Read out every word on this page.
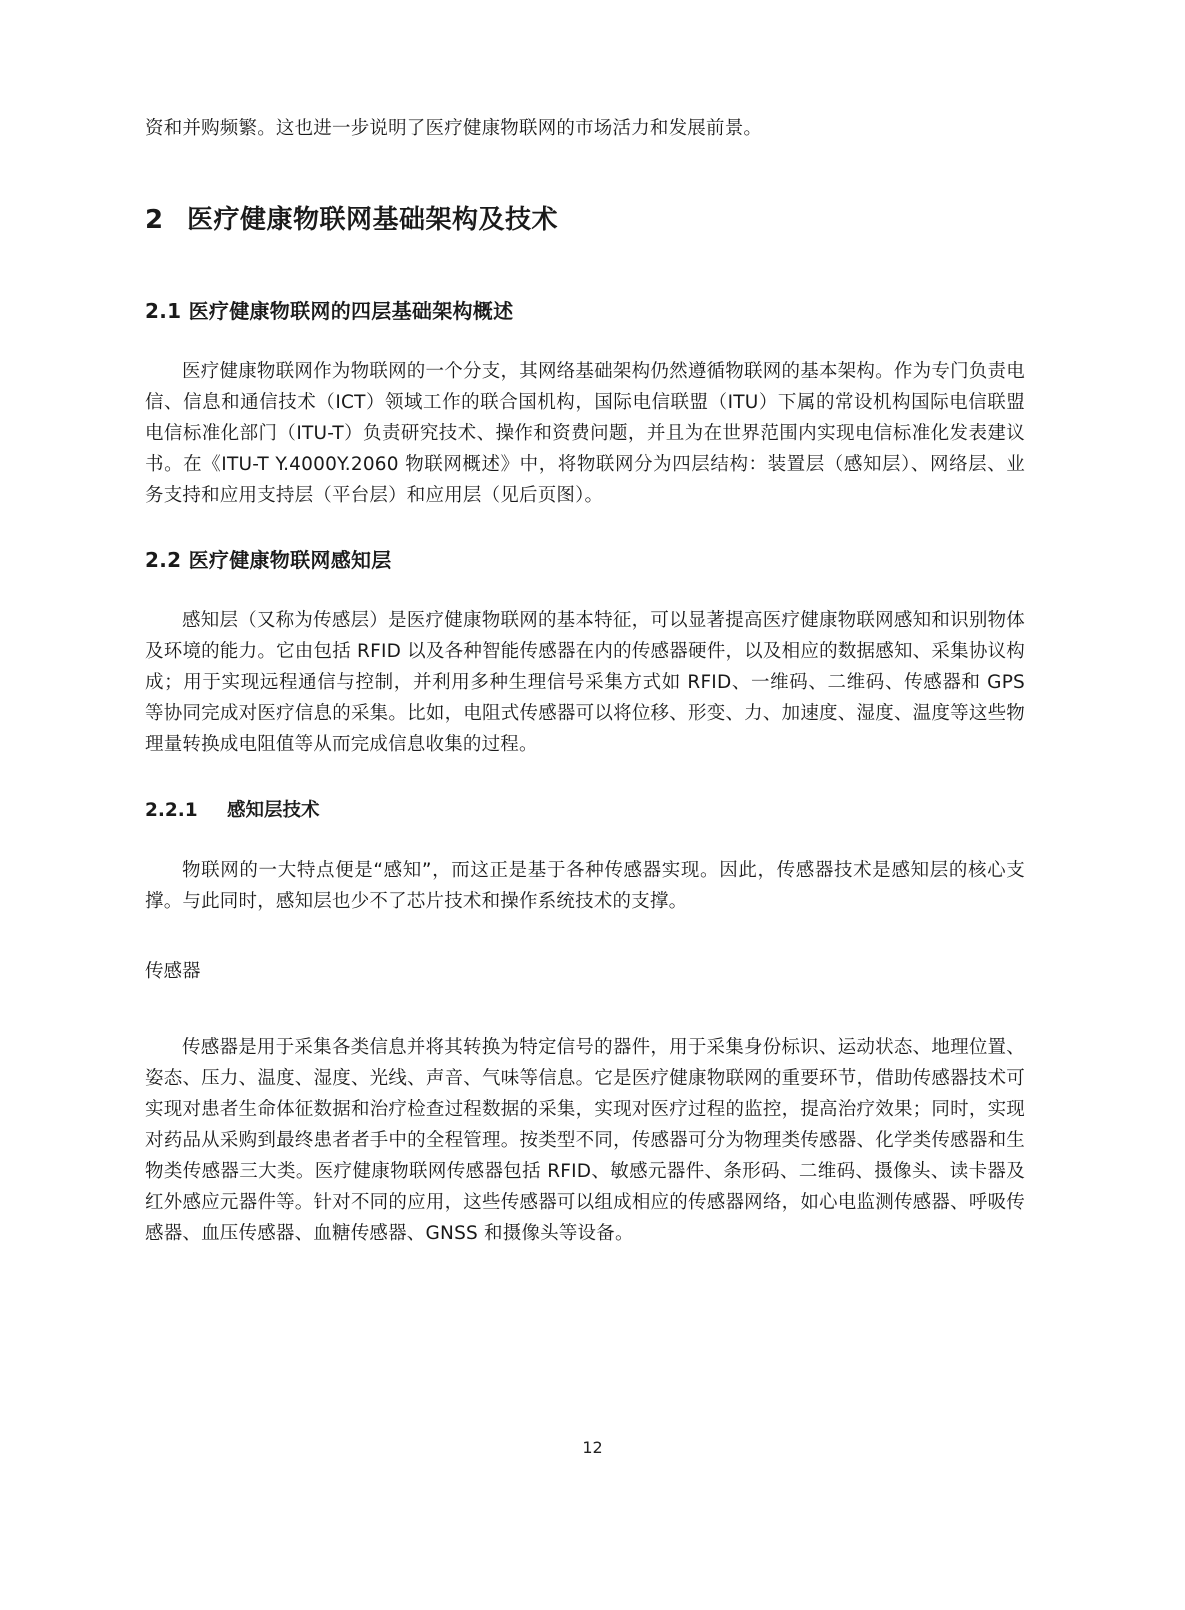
资和并购频繁。这也进一步说明了医疗健康物联网的市场活力和发展前景。
2 医疗健康物联网基础架构及技术
2.1 医疗健康物联网的四层基础架构概述
医疗健康物联网作为物联网的一个分支，其网络基础架构仍然遵循物联网的基本架构。作为专门负责电信、信息和通信技术（ICT）领域工作的联合国机构，国际电信联盟（ITU）下属的常设机构国际电信联盟电信标准化部门（ITU-T）负责研究技术、操作和资费问题，并且为在世界范围内实现电信标准化发表建议书。在《ITU-T Y.4000Y.2060 物联网概述》中，将物联网分为四层结构：装置层（感知层）、网络层、业务支持和应用支持层（平台层）和应用层（见后页图）。
2.2 医疗健康物联网感知层
感知层（又称为传感层）是医疗健康物联网的基本特征，可以显著提高医疗健康物联网感知和识别物体及环境的能力。它由包括 RFID 以及各种智能传感器在内的传感器硬件，以及相应的数据感知、采集协议构成；用于实现远程通信与控制，并利用多种生理信号采集方式如 RFID、一维码、二维码、传感器和 GPS 等协同完成对医疗信息的采集。比如，电阻式传感器可以将位移、形变、力、加速度、湿度、温度等这些物理量转换成电阻值等从而完成信息收集的过程。
2.2.1 感知层技术
物联网的一大特点便是“感知”，而这正是基于各种传感器实现。因此，传感器技术是感知层的核心支撑。与此同时，感知层也少不了芯片技术和操作系统技术的支撑。
传感器
传感器是用于采集各类信息并将其转换为特定信号的器件，用于采集身份标识、运动状态、地理位置、姿态、压力、温度、湿度、光线、声音、气味等信息。它是医疗健康物联网的重要环节，借助传感器技术可实现对患者生命体征数据和治疗检查过程数据的采集，实现对医疗过程的监控，提高治疗效果；同时，实现对药品从采购到最终患者者手中的全程管理。按类型不同，传感器可分为物理类传感器、化学类传感器和生物类传感器三大类。医疗健康物联网传感器包括 RFID、敏感元器件、条形码、二维码、摄像头、读卡器及红外感应元器件等。针对不同的应用，这些传感器可以组成相应的传感器网络，如心电监测传感器、呼吸传感器、血压传感器、血糖传感器、GNSS 和摄像头等设备。
12
